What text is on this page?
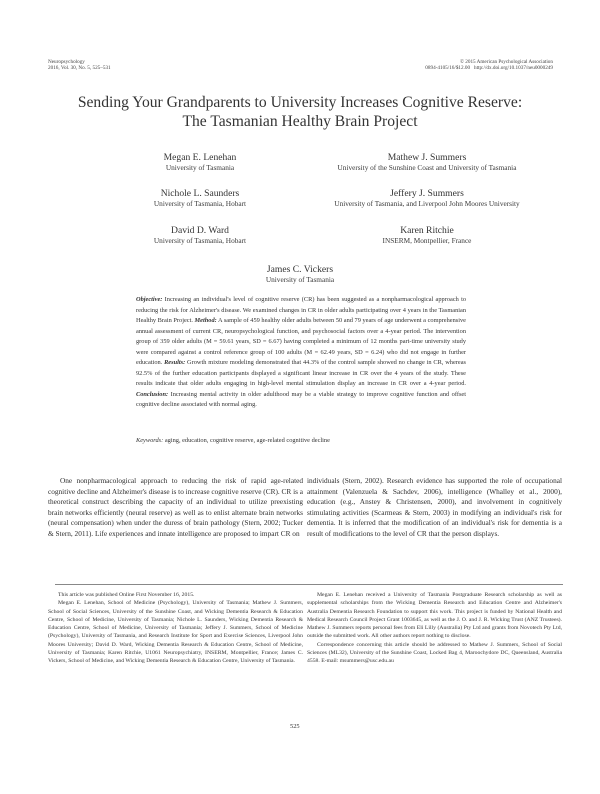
Neuropsychology
2016, Vol. 30, No. 5, 525–531
© 2015 American Psychological Association
0894-4105/16/$12.00   http://dx.doi.org/10.1037/neu0000249
Sending Your Grandparents to University Increases Cognitive Reserve:
The Tasmanian Healthy Brain Project
Megan E. Lenehan
University of Tasmania
Mathew J. Summers
University of the Sunshine Coast and University of Tasmania
Nichole L. Saunders
University of Tasmania, Hobart
Jeffery J. Summers
University of Tasmania, and Liverpool John Moores University
David D. Ward
University of Tasmania, Hobart
Karen Ritchie
INSERM, Montpellier, France
James C. Vickers
University of Tasmania
Objective: Increasing an individual's level of cognitive reserve (CR) has been suggested as a nonpharmacological approach to reducing the risk for Alzheimer's disease. We examined changes in CR in older adults participating over 4 years in the Tasmanian Healthy Brain Project. Method: A sample of 459 healthy older adults between 50 and 79 years of age underwent a comprehensive annual assessment of current CR, neuropsychological function, and psychosocial factors over a 4-year period. The intervention group of 359 older adults (M = 59.61 years, SD = 6.67) having completed a minimum of 12 months part-time university study were compared against a control reference group of 100 adults (M = 62.49 years, SD = 6.24) who did not engage in further education. Results: Growth mixture modeling demonstrated that 44.3% of the control sample showed no change in CR, whereas 92.5% of the further education participants displayed a significant linear increase in CR over the 4 years of the study. These results indicate that older adults engaging in high-level mental stimulation display an increase in CR over a 4-year period. Conclusion: Increasing mental activity in older adulthood may be a viable strategy to improve cognitive function and offset cognitive decline associated with normal aging.
Keywords: aging, education, cognitive reserve, age-related cognitive decline

One nonpharmacological approach to reducing the risk of rapid age-related cognitive decline and Alzheimer's disease is to increase cognitive reserve (CR). CR is a theoretical construct describing the capacity of an individual to utilize preexisting brain networks efficiently (neural reserve) as well as to enlist alternate brain networks (neural compensation) when under the duress of brain pathology (Stern, 2002; Tucker & Stern, 2011). Life experiences and innate intelligence are proposed to impart CR on

individuals (Stern, 2002). Research evidence has supported the role of occupational attainment (Valenzuela & Sachdev, 2006), intelligence (Whalley et al., 2000), education (e.g., Anstey & Christensen, 2000), and involvement in cognitively stimulating activities (Scarmeas & Stern, 2003) in modifying an individual's risk for dementia. It is inferred that the modification of an individual's risk for dementia is a result of modifications to the level of CR that the person displays.

This article was published Online First November 16, 2015.

Megan E. Lenehan, School of Medicine (Psychology), University of Tasmania; Mathew J. Summers, School of Social Sciences, University of the Sunshine Coast, and Wicking Dementia Research & Education Centre, School of Medicine, University of Tasmania; Nichole L. Saunders, Wicking Dementia Research & Education Centre, School of Medicine, University of Tasmania; Jeffery J. Summers, School of Medicine (Psychology), University of Tasmania, and Research Institute for Sport and Exercise Sciences, Liverpool John Moores University; David D. Ward, Wicking Dementia Research & Education Centre, School of Medicine, University of Tasmania; Karen Ritchie, U1061 Neuropsychiatry, INSERM, Montpellier, France; James C. Vickers, School of Medicine, and Wicking Dementia Research & Education Centre, University of Tasmania.

Megan E. Lenehan received a University of Tasmania Postgraduate Research scholarship as well as supplemental scholarships from the Wicking Dementia Research and Education Centre and Alzheimer's Australia Dementia Research Foundation to support this work. This project is funded by National Health and Medical Research Council Project Grant 1003645, as well as the J. O. and J. R. Wicking Trust (ANZ Trustees). Mathew J. Summers reports personal fees from Eli Lilly (Australia) Pty Ltd and grants from Novotech Pty Ltd, outside the submitted work. All other authors report nothing to disclose.

Correspondence concerning this article should be addressed to Mathew J. Summers, School of Social Sciences (ML32), University of the Sunshine Coast, Locked Bag 4, Maroochydore DC, Queensland, Australia 4558. E-mail: msummers@usc.edu.au

525
